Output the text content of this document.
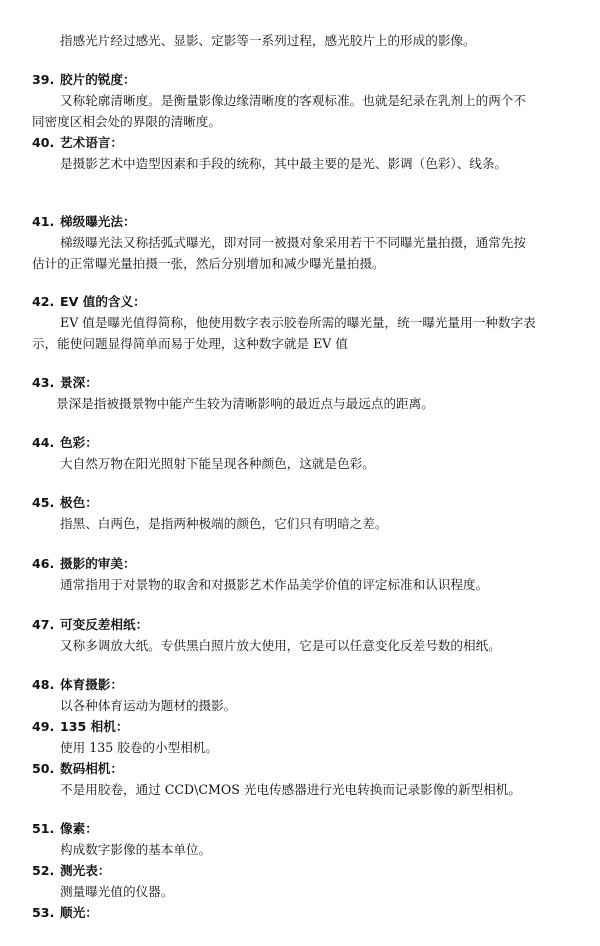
指感光片经过感光、显影、定影等一系列过程，感光胶片上的形成的影像。
39. 胶片的锐度：
又称轮廓清晰度。是衡量影像边缘清晰度的客观标准。也就是纪录在乳剂上的两个不
同密度区相会处的界限的清晰度。
40. 艺术语言：
是摄影艺术中造型因素和手段的统称，其中最主要的是光、影调（色彩）、线条。
41. 梯级曝光法：
梯级曝光法又称括弧式曝光，即对同一被摄对象采用若干不同曝光量拍摄，通常先按
估计的正常曝光量拍摄一张，然后分别增加和减少曝光量拍摄。
42. EV 值的含义：
EV 值是曝光值得简称，他使用数字表示胶卷所需的曝光量，统一曝光量用一种数字表
示，能使问题显得简单而易于处理，这种数字就是 EV 值
43. 景深：
景深是指被摄景物中能产生较为清晰影响的最近点与最远点的距离。
44. 色彩：
大自然万物在阳光照射下能呈现各种颜色，这就是色彩。
45. 极色：
指黑、白两色，是指两种极端的颜色，它们只有明暗之差。
46. 摄影的审美：
通常指用于对景物的取舍和对摄影艺术作品美学价值的评定标准和认识程度。
47. 可变反差相纸：
又称多调放大纸。专供黑白照片放大使用，它是可以任意变化反差号数的相纸。
48. 体育摄影：
以各种体育运动为题材的摄影。
49. 135 相机：
使用 135 胶卷的小型相机。
50. 数码相机：
不是用胶卷，通过 CCD\CMOS 光电传感器进行光电转换而记录影像的新型相机。
51. 像素：
构成数字影像的基本单位。
52. 测光表：
测量曝光值的仪器。
53. 顺光：
